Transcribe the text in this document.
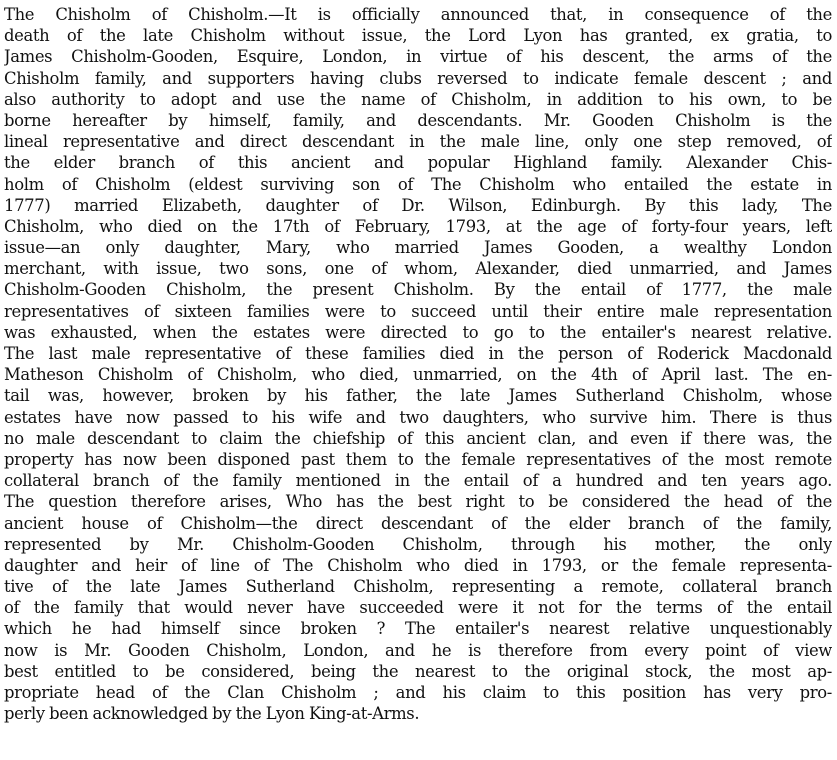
The Chisholm of Chisholm.—It is officially announced that, in consequence of the
death of the late Chisholm without issue, the Lord Lyon has granted, ex gratia, to
James Chisholm-Gooden, Esquire, London, in virtue of his descent, the arms of the
Chisholm family, and supporters having clubs reversed to indicate female descent ; and
also authority to adopt and use the name of Chisholm, in addition to his own, to be
borne hereafter by himself, family, and descendants. Mr. Gooden Chisholm is the
lineal representative and direct descendant in the male line, only one step removed, of
the elder branch of this ancient and popular Highland family. Alexander Chis-
holm of Chisholm (eldest surviving son of The Chisholm who entailed the estate in
1777) married Elizabeth, daughter of Dr. Wilson, Edinburgh. By this lady, The
Chisholm, who died on the 17th of February, 1793, at the age of forty-four years, left
issue—an only daughter, Mary, who married James Gooden, a wealthy London
merchant, with issue, two sons, one of whom, Alexander, died unmarried, and James
Chisholm-Gooden Chisholm, the present Chisholm. By the entail of 1777, the male
representatives of sixteen families were to succeed until their entire male representation
was exhausted, when the estates were directed to go to the entailer's nearest relative.
The last male representative of these families died in the person of Roderick Macdonald
Matheson Chisholm of Chisholm, who died, unmarried, on the 4th of April last. The en-
tail was, however, broken by his father, the late James Sutherland Chisholm, whose
estates have now passed to his wife and two daughters, who survive him. There is thus
no male descendant to claim the chiefship of this ancient clan, and even if there was, the
property has now been disponed past them to the female representatives of the most remote
collateral branch of the family mentioned in the entail of a hundred and ten years ago.
The question therefore arises, Who has the best right to be considered the head of the
ancient house of Chisholm—the direct descendant of the elder branch of the family,
represented by Mr. Chisholm-Gooden Chisholm, through his mother, the only
daughter and heir of line of The Chisholm who died in 1793, or the female representa-
tive of the late James Sutherland Chisholm, representing a remote, collateral branch
of the family that would never have succeeded were it not for the terms of the entail
which he had himself since broken ? The entailer's nearest relative unquestionably
now is Mr. Gooden Chisholm, London, and he is therefore from every point of view
best entitled to be considered, being the nearest to the original stock, the most ap-
propriate head of the Clan Chisholm ; and his claim to this position has very pro-
perly been acknowledged by the Lyon King-at-Arms.
